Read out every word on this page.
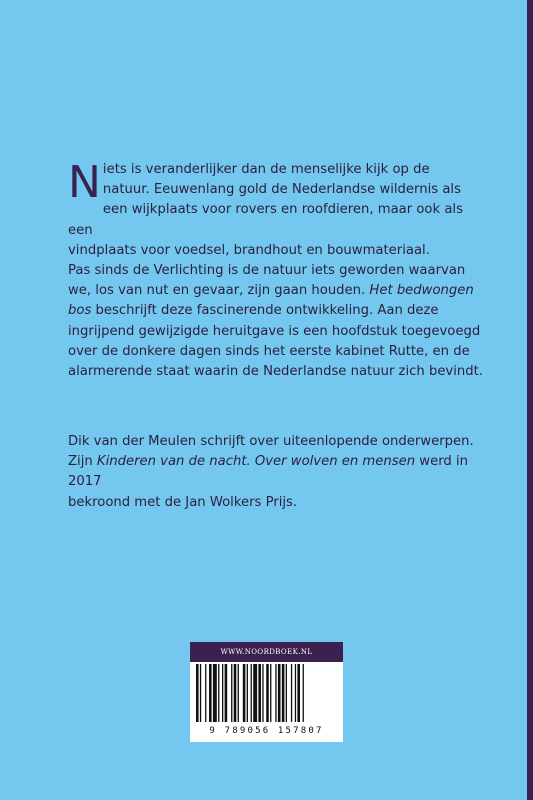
N iets is veranderlijker dan de menselijke kijk op de
natuur. Eeuwenlang gold de Nederlandse wildernis als
een wijkplaats voor rovers en roofdieren, maar ook als een
vindplaats voor voedsel, brandhout en bouwmateriaal.
Pas sinds de Verlichting is de natuur iets geworden waarvan
we, los van nut en gevaar, zijn gaan houden. Het bedwongen
bos beschrijft deze fascinerende ontwikkeling. Aan deze
ingrijpend gewijzigde heruitgave is een hoofdstuk toegevoegd
over de donkere dagen sinds het eerste kabinet Rutte, en de
alarmerende staat waarin de Nederlandse natuur zich bevindt.

Dik van der Meulen schrijft over uiteenlopende onderwerpen.
Zijn Kinderen van de nacht. Over wolven en mensen werd in 2017
bekroond met de Jan Wolkers Prijs.

WWW.NOORDBOEK.NL
9 789056 157807
